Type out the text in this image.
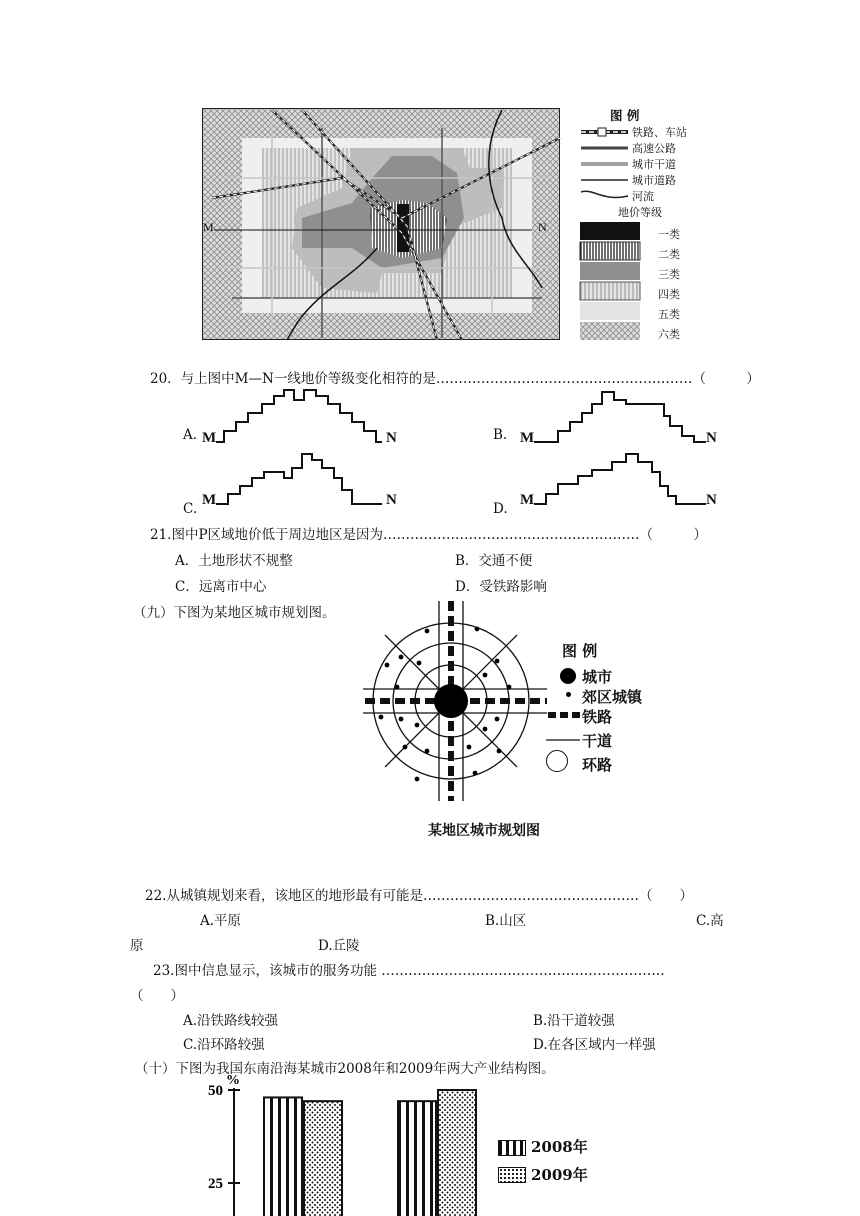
M	N
图 例
铁路、车站
高速公路
城市干道
城市道路
河流
地价等级
一类
二类
三类
四类
五类
六类
20．与上图中M—N一线地价等级变化相符的是…………………………………………………（　　　）
A. M	N	B. M	N
C.
M	N
D.
M	N
21.图中P区域地价低于周边地区是因为…………………………………………………（　　　）
A．土地形状不规整	B．交通不便
C．远离市中心	D．受铁路影响
（九）下图为某地区城市规划图。
图 例
城市
郊区城镇
铁路
干道
环路
某地区城市规划图
22.从城镇规划来看，该地区的地形最有可能是…………………………………………（　　）
A.平原	B.山区	C.高
原	D.丘陵
23.图中信息显示，该城市的服务功能 ………………………………………………………
（　　）
A.沿铁路线较强	B.沿干道较强
C.沿环路较强	D.在各区域内一样强
（十）下图为我国东南沿海某城市2008年和2009年两大产业结构图。
50
25
%
2008年
2009年
